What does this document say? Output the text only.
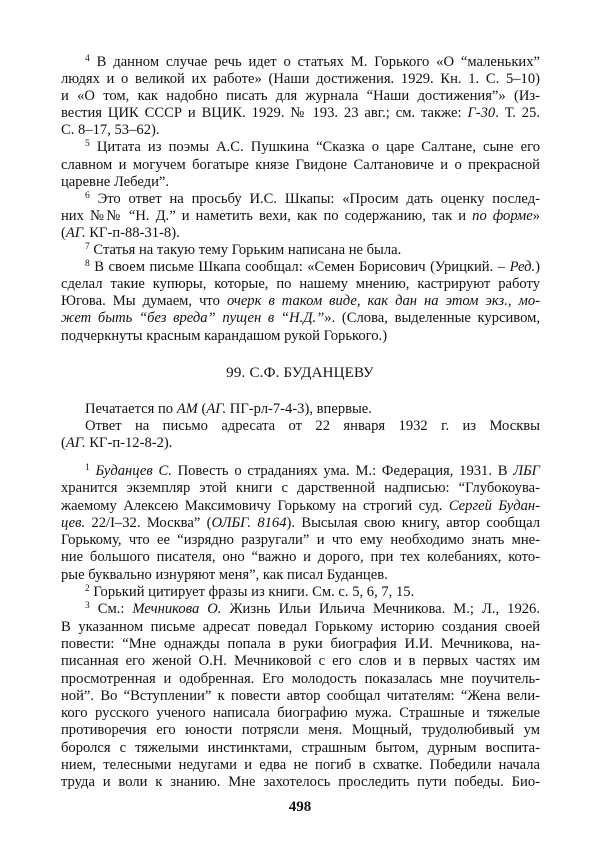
$^4$ В данном случае речь идет о статьях М. Горького «О “маленьких”
людях и о великой их работе» (Наши достижения. 1929. Кн. 1. С. 5–10)
и «О том, как надобно писать для журнала “Наши достижения”» (Из-
вестия ЦИК СССР и ВЦИК. 1929. № 193. 23 авг.; см. также: Г-30. Т. 25.
С. 8–17, 53–62).
$^5$ Цитата из поэмы А.С. Пушкина “Сказка о царе Салтане, сыне его
славном и могучем богатыре князе Гвидоне Салтановиче и о прекрасной
царевне Лебеди”.
$^6$ Это ответ на просьбу И.С. Шкапы: «Просим дать оценку послед-
них №№ “Н. Д.” и наметить вехи, как по содержанию, так и по форме»
(АГ. КГ-п-88-31-8).
$^7$ Статья на такую тему Горьким написана не была.
$^8$ В своем письме Шкапа сообщал: «Семен Борисович (Урицкий. – Ред.)
сделал такие купюры, которые, по нашему мнению, кастрируют работу
Югова. Мы думаем, что очерк в таком виде, как дан на этом экз., мо-
жет быть “без вреда” пущен в “Н.Д.”». (Слова, выделенные курсивом,
подчеркнуты красным карандашом рукой Горького.)
99. С.Ф. БУДАНЦЕВУ
Печатается по АМ (АГ. ПГ-рл-7-4-3), впервые.
Ответ на письмо адресата от 22 января 1932 г. из Москвы
(АГ. КГ-п-12-8-2).
$^1$ Буданцев С. Повесть о страданиях ума. М.: Федерация, 1931. В ЛБГ
хранится экземпляр этой книги с дарственной надписью: “Глубокоува-
жаемому Алексею Максимовичу Горькому на строгий суд. Сергей Будан-
цев. 22/I–32. Москва” (ОЛБГ. 8164). Высылая свою книгу, автор сообщал
Горькому, что ее “изрядно разругали” и что ему необходимо знать мне-
ние большого писателя, оно “важно и дорого, при тех колебаниях, кото-
рые буквально изнуряют меня”, как писал Буданцев.
$^2$ Горький цитирует фразы из книги. См. с. 5, 6, 7, 15.
$^3$ См.: Мечникова О. Жизнь Ильи Ильича Мечникова. М.; Л., 1926.
В указанном письме адресат поведал Горькому историю создания своей
повести: “Мне однажды попала в руки биография И.И. Мечникова, на-
писанная его женой О.Н. Мечниковой с его слов и в первых частях им
просмотренная и одобренная. Его молодость показалась мне поучитель-
ной”. Во “Вступлении” к повести автор сообщал читателям: “Жена вели-
кого русского ученого написала биографию мужа. Страшные и тяжелые
противоречия его юности потрясли меня. Мощный, трудолюбивый ум
боролся с тяжелыми инстинктами, страшным бытом, дурным воспита-
нием, телесными недугами и едва не погиб в схватке. Победили начала
труда и воли к знанию. Мне захотелось проследить пути победы. Био-
498
